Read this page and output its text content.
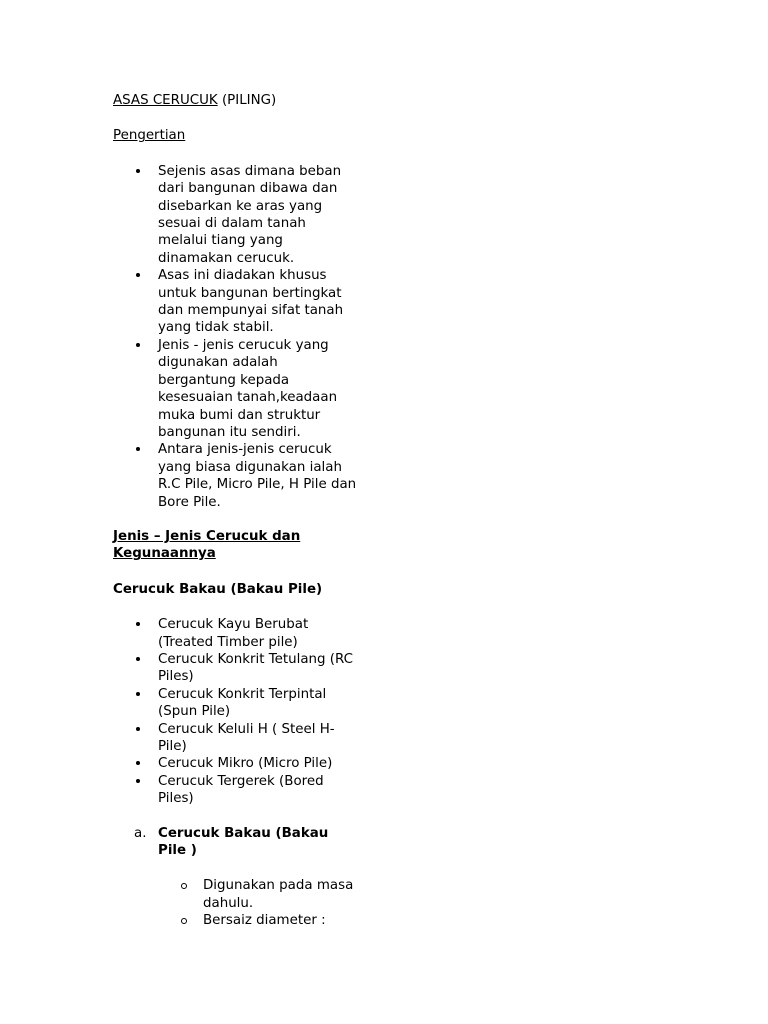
ASAS CERUCUK (PILING)
Pengertian
Sejenis asas dimana beban dari bangunan dibawa dan disebarkan ke aras yang sesuai di dalam tanah melalui tiang yang dinamakan cerucuk.
Asas ini diadakan khusus untuk bangunan bertingkat dan mempunyai sifat tanah yang tidak stabil.
Jenis - jenis cerucuk yang digunakan adalah bergantung kepada kesesuaian tanah,keadaan muka bumi dan struktur bangunan itu sendiri.
Antara jenis-jenis cerucuk yang biasa digunakan ialah R.C Pile, Micro Pile, H Pile dan Bore Pile.
Jenis – Jenis Cerucuk dan Kegunaannya
Cerucuk Bakau (Bakau Pile)
Cerucuk Kayu Berubat (Treated Timber pile)
Cerucuk Konkrit Tetulang (RC Piles)
Cerucuk Konkrit Terpintal (Spun Pile)
Cerucuk Keluli H ( Steel H-Pile)
Cerucuk Mikro (Micro Pile)
Cerucuk Tergerek (Bored Piles)
a. Cerucuk Bakau (Bakau Pile )
Digunakan pada masa dahulu.
Bersaiz diameter :
